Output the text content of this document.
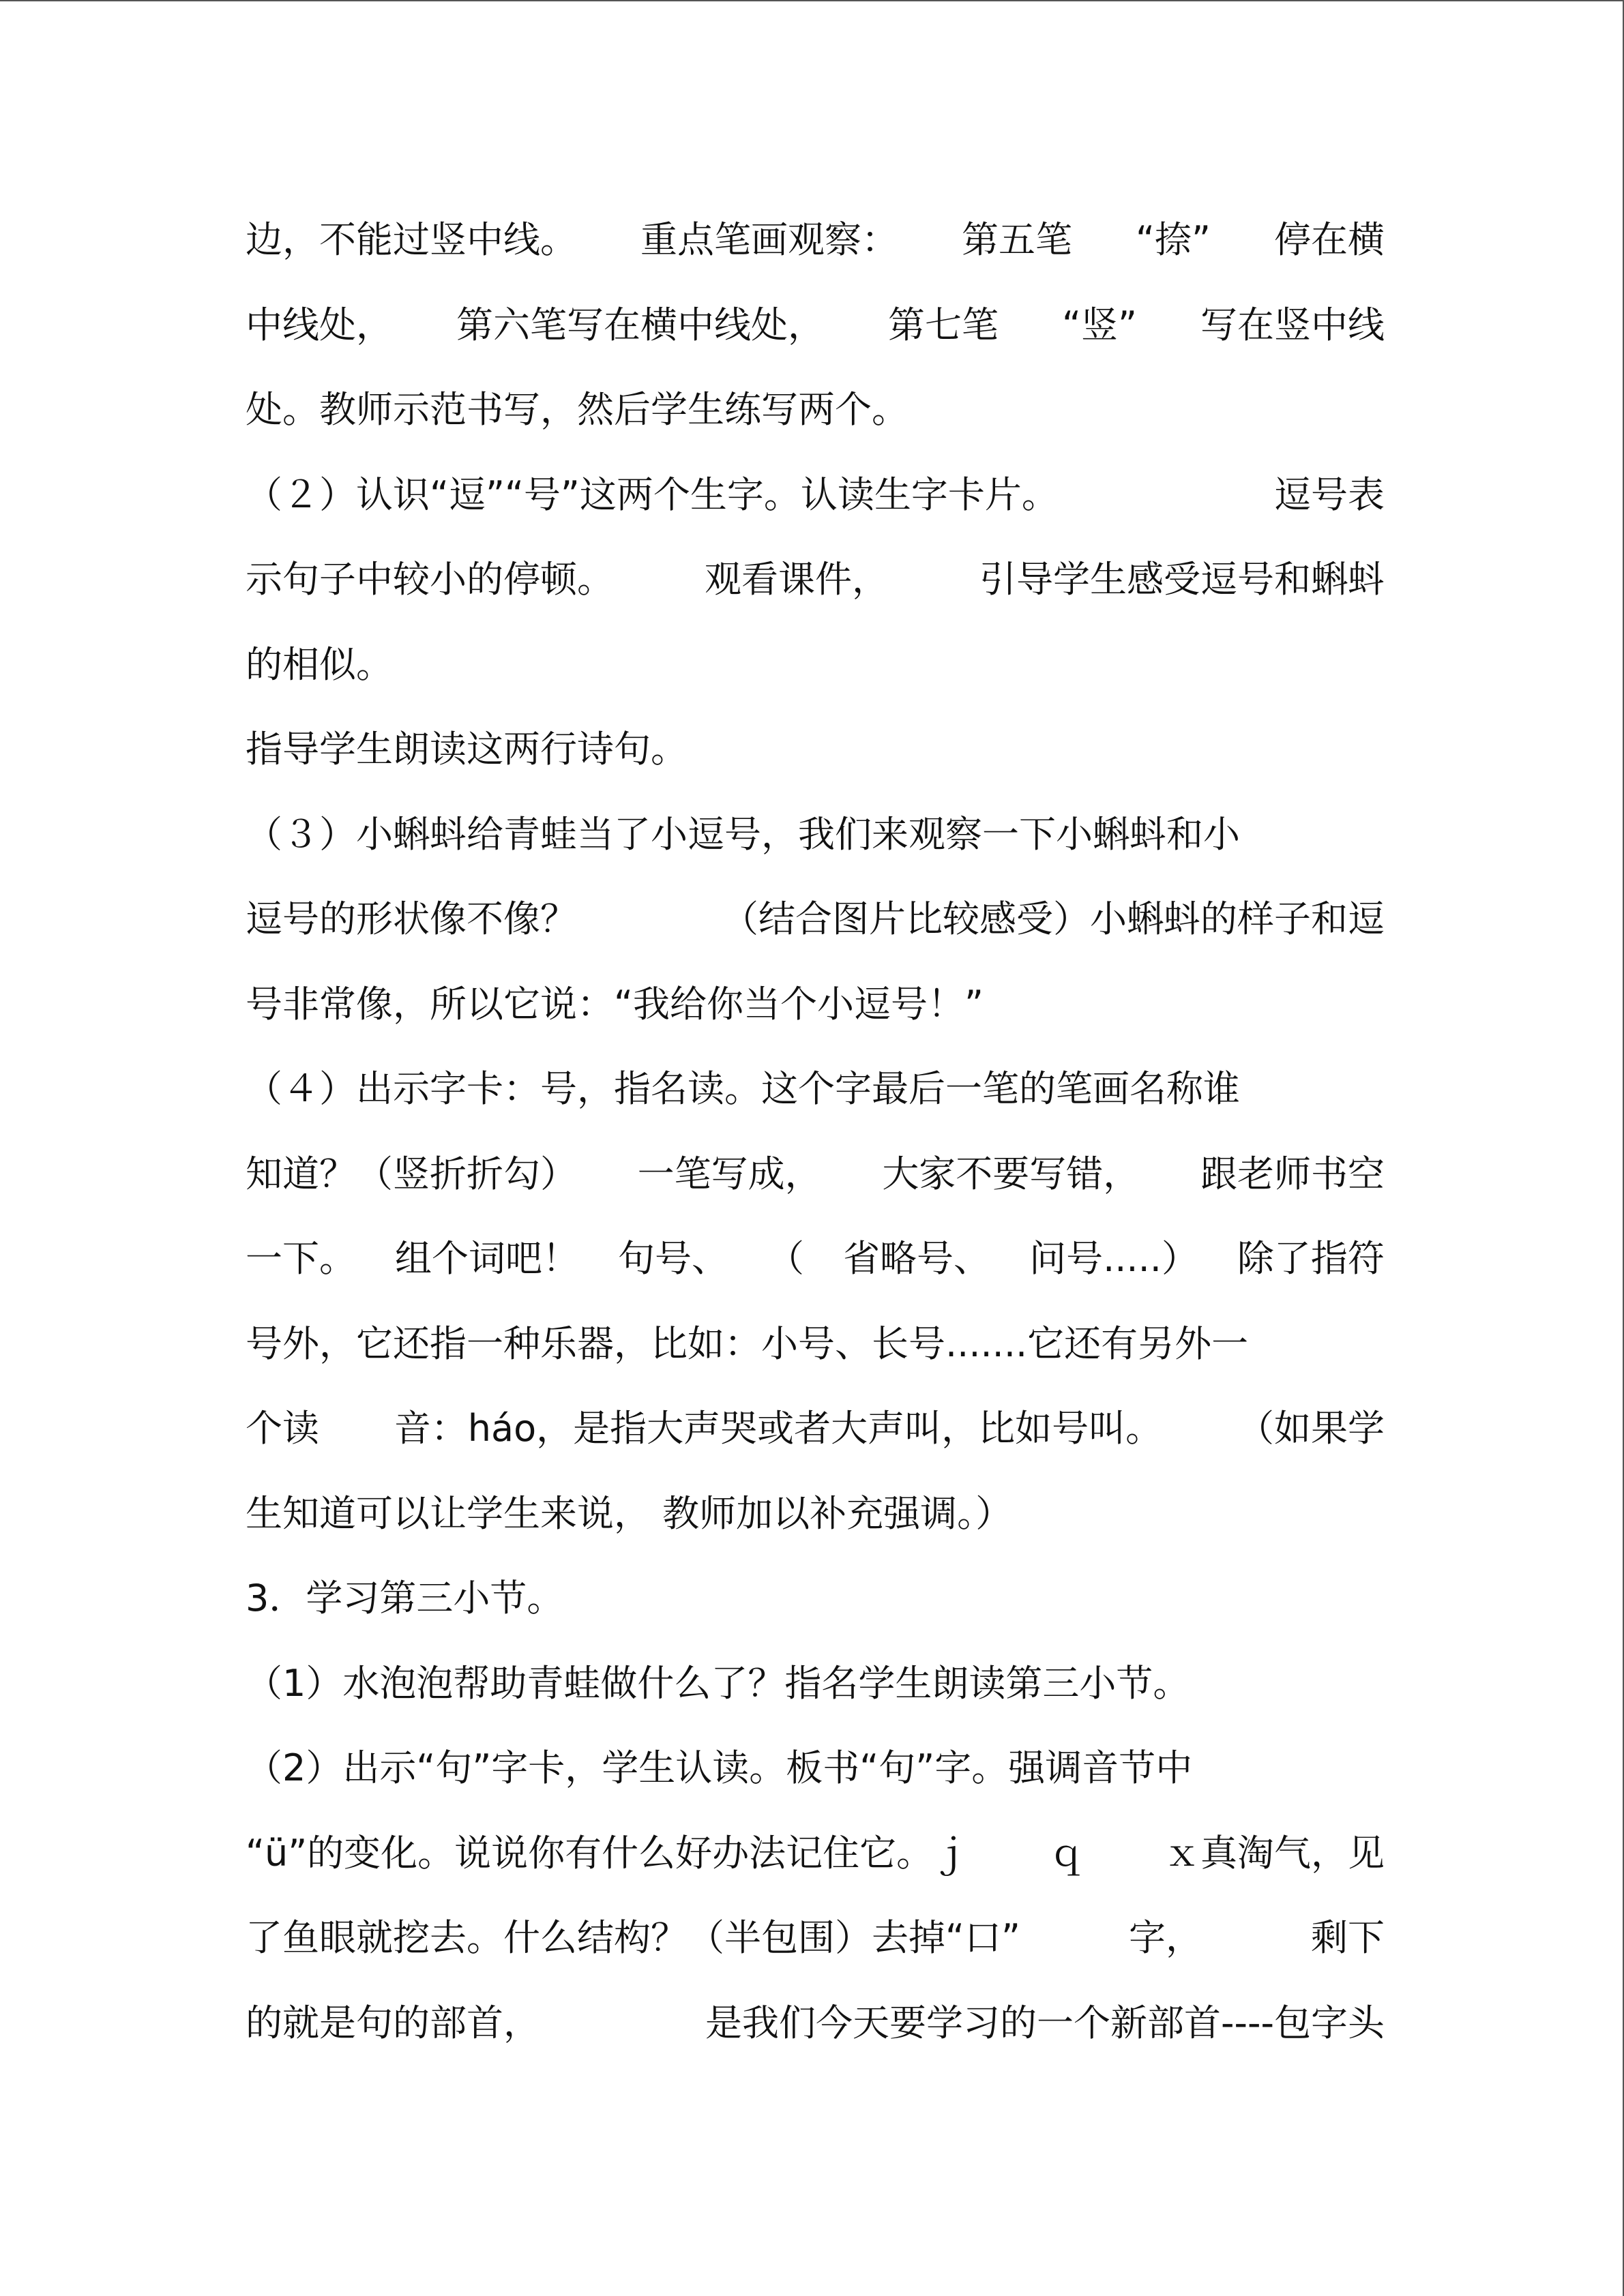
边，不能过竖中线。 重点笔画观察： 第五笔 “捺” 停在横
中线处， 第六笔写在横中线处， 第七笔 “竖” 写在竖中线
处。教师示范书写，然后学生练写两个。
（２）认识“逗”“号”这两个生字。认读生字卡片。	逗号表
示句子中较小的停顿。 观看课件， 引导学生感受逗号和蝌蚪
的相似。
指导学生朗读这两行诗句。
（３）小蝌蚪给青蛙当了小逗号，我们来观察一下小蝌蚪和小
逗号的形状像不像？	（结合图片比较感受）小蝌蚪的样子和逗
号非常像，所以它说：“我给你当个小逗号！”
（４）出示字卡：号，指名读。这个字最后一笔的笔画名称谁
知道？（竖折折勾） 一笔写成， 大家不要写错， 跟老师书空
一下。 组个词吧！ 句号、 （ 省略号、 问号.....） 除了指符
号外，它还指一种乐器，比如：小号、长号.......它还有另外一
个读 音：háo，是指大声哭或者大声叫，比如号叫。 （如果学
生知道可以让学生来说， 教师加以补充强调。）
3．学习第三小节。
（1）水泡泡帮助青蛙做什么了？指名学生朗读第三小节。
（2）出示“句”字卡，学生认读。板书“句”字。强调音节中
“ü”的变化。说说你有什么好办法记住它。ｊ ｑ ｘ真淘气，见
了鱼眼就挖去。什么结构？（半包围）去掉“口”	字，	剩下
的就是句的部首，	是我们今天要学习的一个新部首----包字头
